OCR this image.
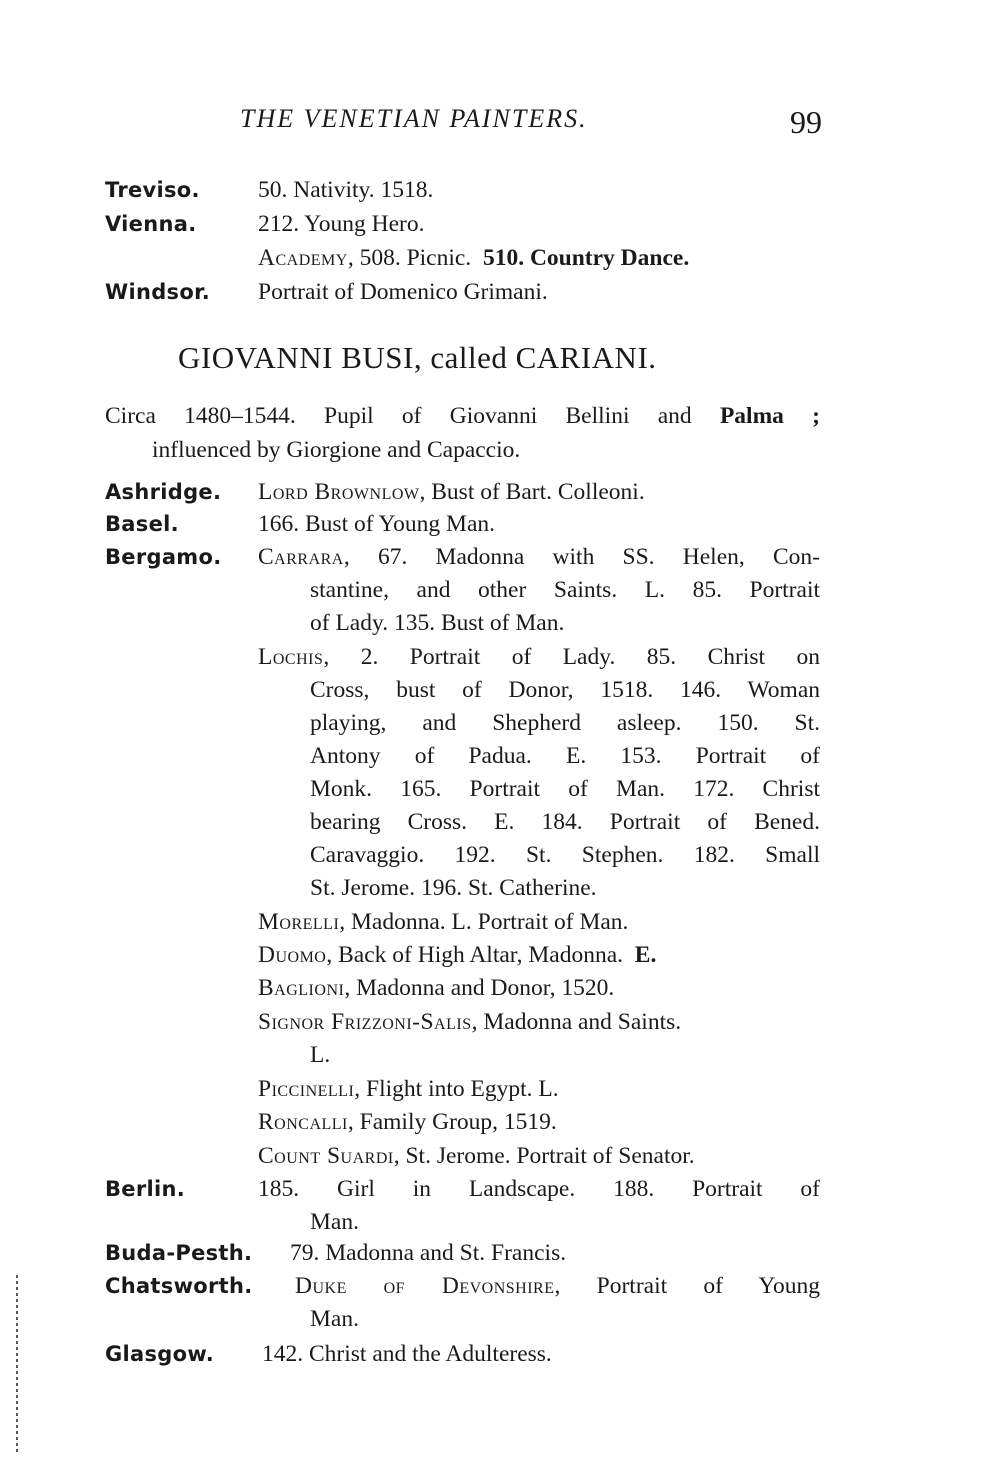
THE VENETIAN PAINTERS.	99
Treviso. 50. Nativity. 1518.
Vienna.	212. Young Hero.
Academy, 508. Picnic. 510. Country Dance.
Windsor. Portrait of Domenico Grimani.
GIOVANNI BUSI, called CARIANI.
Circa 1480–1544. Pupil of Giovanni Bellini and Palma ;
influenced by Giorgione and Capaccio.
Ashridge. Lord Brownlow, Bust of Bart. Colleoni.
Basel.	166. Bust of Young Man.
Bergamo. Carrara, 67. Madonna with SS. Helen, Con-
stantine, and other Saints. L. 85. Portrait
of Lady. 135. Bust of Man.
Lochis, 2. Portrait of Lady. 85. Christ on
Cross, bust of Donor, 1518. 146. Woman
playing, and Shepherd asleep. 150. St.
Antony of Padua. E. 153. Portrait of
Monk. 165. Portrait of Man. 172. Christ
bearing Cross. E. 184. Portrait of Bened.
Caravaggio. 192. St. Stephen. 182. Small
St. Jerome. 196. St. Catherine.
Morelli, Madonna. L. Portrait of Man.
Duomo, Back of High Altar, Madonna. E.
Baglioni, Madonna and Donor, 1520.
Signor Frizzoni-Salis, Madonna and Saints.
L.
Piccinelli, Flight into Egypt. L.
Roncalli, Family Group, 1519.
Count Suardi, St. Jerome. Portrait of Senator.
Berlin.	185. Girl in Landscape. 188. Portrait of
Man.
Buda-Pesth. 79. Madonna and St. Francis.
Chatsworth. Duke of Devonshire, Portrait of Young
Man.
Glasgow. 142. Christ and the Adulteress.
